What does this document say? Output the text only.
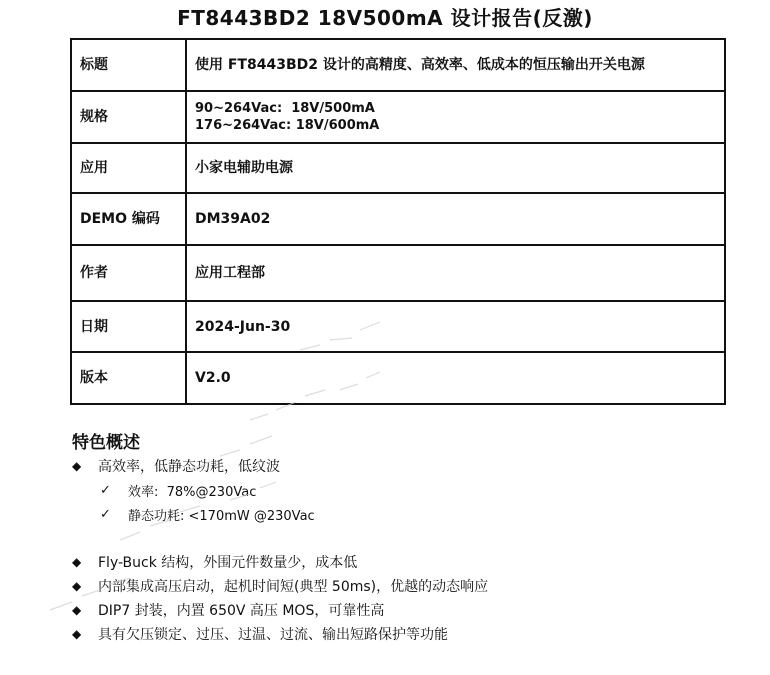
FT8443BD2 18V500mA 设计报告(反激)
标题	使用 FT8443BD2 设计的高精度、高效率、低成本的恒压输出开关电源
规格	90~264Vac:  18V/500mA
176~264Vac: 18V/600mA

应用	小家电辅助电源
DEMO 编码	DM39A02
作者	应用工程部
日期	2024-Jun-30
版本	V2.0
特色概述
◆	高效率，低静态功耗，低纹波
✓	效率:  78%@230Vac
✓	静态功耗: <170mW @230Vac
◆	Fly-Buck 结构，外围元件数量少，成本低
◆	内部集成高压启动，起机时间短(典型 50ms)，优越的动态响应
◆	DIP7 封装，内置 650V 高压 MOS，可靠性高
◆	具有欠压锁定、过压、过温、过流、输出短路保护等功能
